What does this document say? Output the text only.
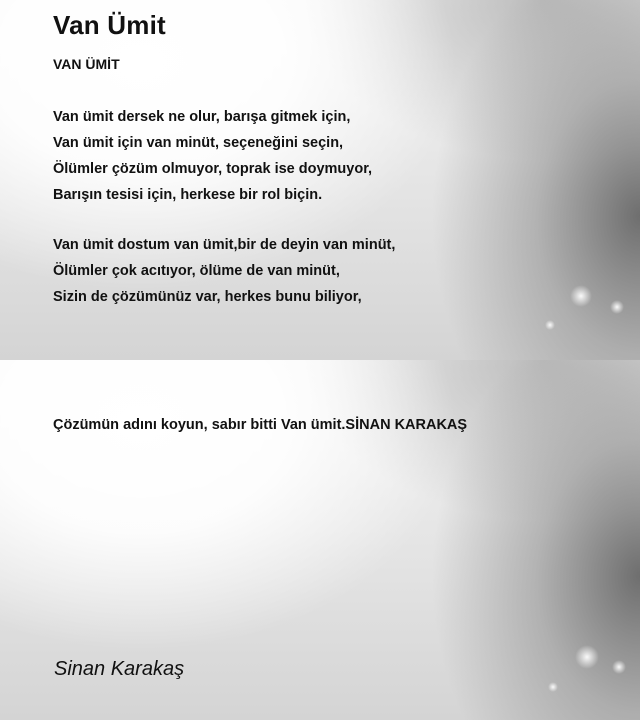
Van Ümit
VAN ÜMİT
Van ümit dersek ne olur, barışa gitmek için,
Van ümit için van minüt, seçeneğini seçin,
Ölümler çözüm olmuyor, toprak ise doymuyor,
Barışın tesisi için, herkese bir rol biçin.
Van ümit dostum van ümit,bir de deyin van minüt,
Ölümler çok acıtıyor, ölüme de van minüt,
Sizin de çözümünüz var, herkes bunu biliyor,
Çözümün adını koyun, sabır bitti Van ümit.SİNAN KARAKAŞ
Sinan Karakaş
